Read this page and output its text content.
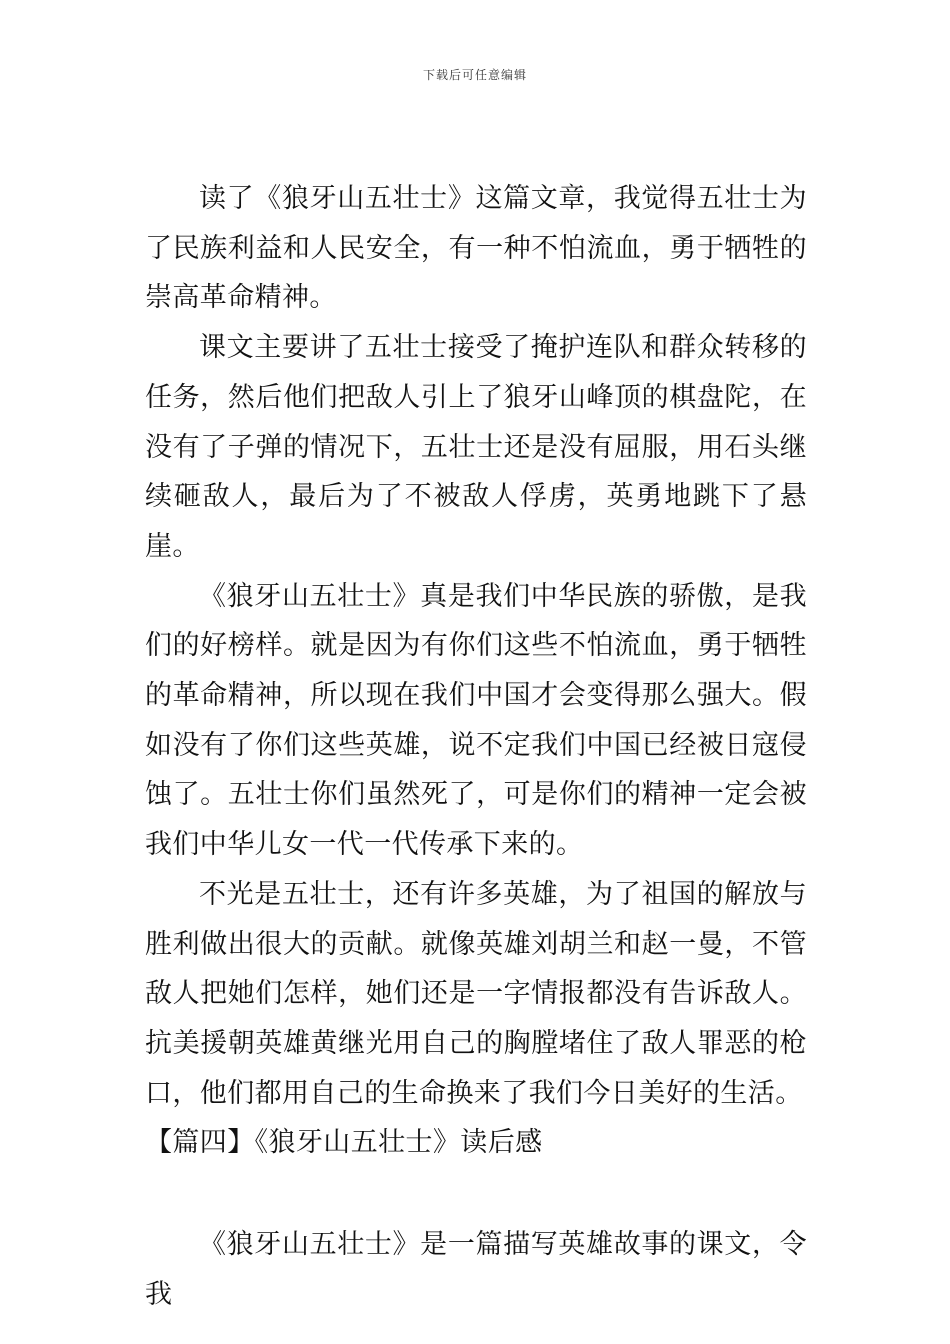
下载后可任意编辑

读了《狼牙山五壮士》这篇文章，我觉得五壮士为了民族利益和人民安全，有一种不怕流血，勇于牺牲的崇高革命精神。

课文主要讲了五壮士接受了掩护连队和群众转移的任务，然后他们把敌人引上了狼牙山峰顶的棋盘陀，在没有了子弹的情况下，五壮士还是没有屈服，用石头继续砸敌人，最后为了不被敌人俘虏，英勇地跳下了悬崖。

《狼牙山五壮士》真是我们中华民族的骄傲，是我们的好榜样。就是因为有你们这些不怕流血，勇于牺牲的革命精神，所以现在我们中国才会变得那么强大。假如没有了你们这些英雄，说不定我们中国已经被日寇侵蚀了。五壮士你们虽然死了，可是你们的精神一定会被我们中华儿女一代一代传承下来的。

不光是五壮士，还有许多英雄，为了祖国的解放与胜利做出很大的贡献。就像英雄刘胡兰和赵一曼，不管敌人把她们怎样，她们还是一字情报都没有告诉敌人。抗美援朝英雄黄继光用自己的胸膛堵住了敌人罪恶的枪口，他们都用自己的生命换来了我们今日美好的生活。

【篇四】《狼牙山五壮士》读后感

《狼牙山五壮士》是一篇描写英雄故事的课文，令我
